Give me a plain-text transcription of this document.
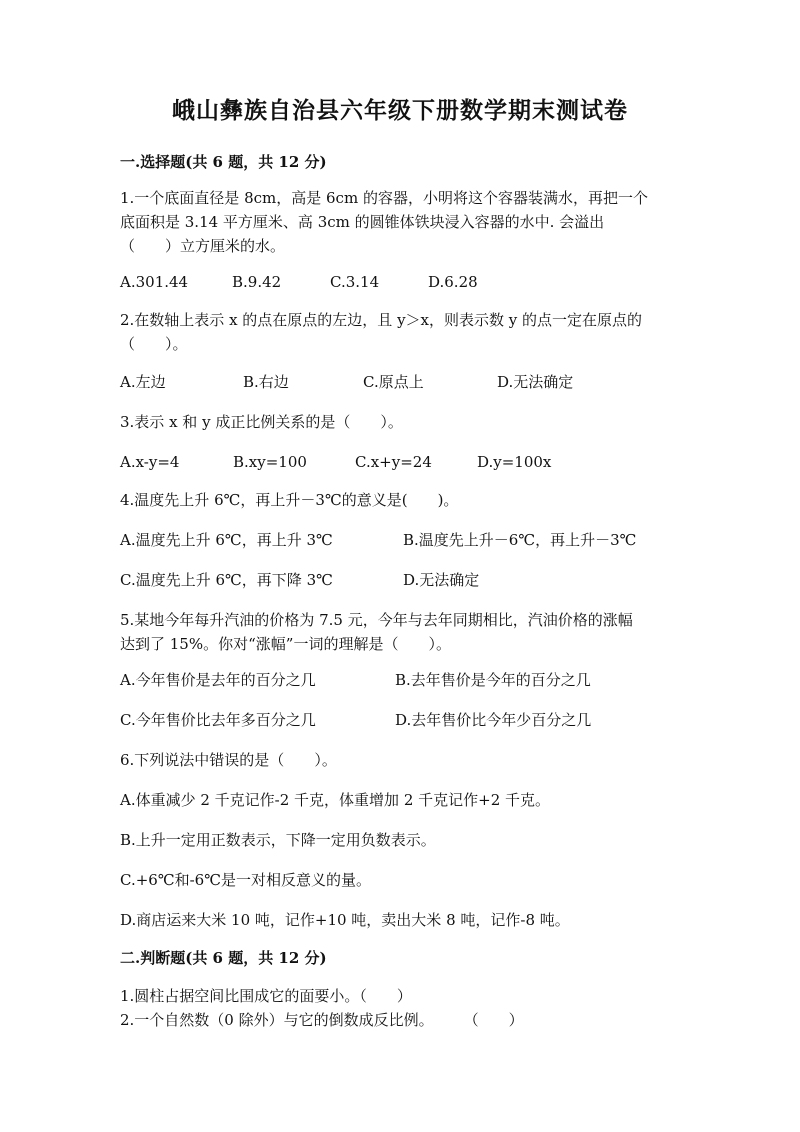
峨山彝族自治县六年级下册数学期末测试卷
一.选择题(共 6 题，共 12 分)
1.一个底面直径是 8cm，高是 6cm 的容器，小明将这个容器装满水，再把一个
底面积是 3.14 平方厘米、高 3cm 的圆锥体铁块浸入容器的水中. 会溢出
（　　）立方厘米的水。
A.301.44	B.9.42	C.3.14	D.6.28
2.在数轴上表示 x 的点在原点的左边，且 y＞x，则表示数 y 的点一定在原点的
（　　）。
A.左边	B.右边	C.原点上	D.无法确定
3.表示 x 和 y 成正比例关系的是（　　）。
A.x-y=4	B.xy=100	C.x+y=24	D.y=100x
4.温度先上升 6℃，再上升－3℃的意义是(　　)。
A.温度先上升 6℃，再上升 3℃	B.温度先上升－6℃，再上升－3℃
C.温度先上升 6℃，再下降 3℃	D.无法确定
5.某地今年每升汽油的价格为 7.5 元，今年与去年同期相比，汽油价格的涨幅
达到了 15%。你对“涨幅”一词的理解是（　　）。
A.今年售价是去年的百分之几	B.去年售价是今年的百分之几
C.今年售价比去年多百分之几	D.去年售价比今年少百分之几
6.下列说法中错误的是（　　）。
A.体重减少 2 千克记作-2 千克，体重增加 2 千克记作+2 千克。
B.上升一定用正数表示，下降一定用负数表示。
C.+6℃和-6℃是一对相反意义的量。
D.商店运来大米 10 吨，记作+10 吨，卖出大米 8 吨，记作-8 吨。
二.判断题(共 6 题，共 12 分)
1.圆柱占据空间比围成它的面要小。（　　）
2.一个自然数（0 除外）与它的倒数成反比例。　　　（　　）
